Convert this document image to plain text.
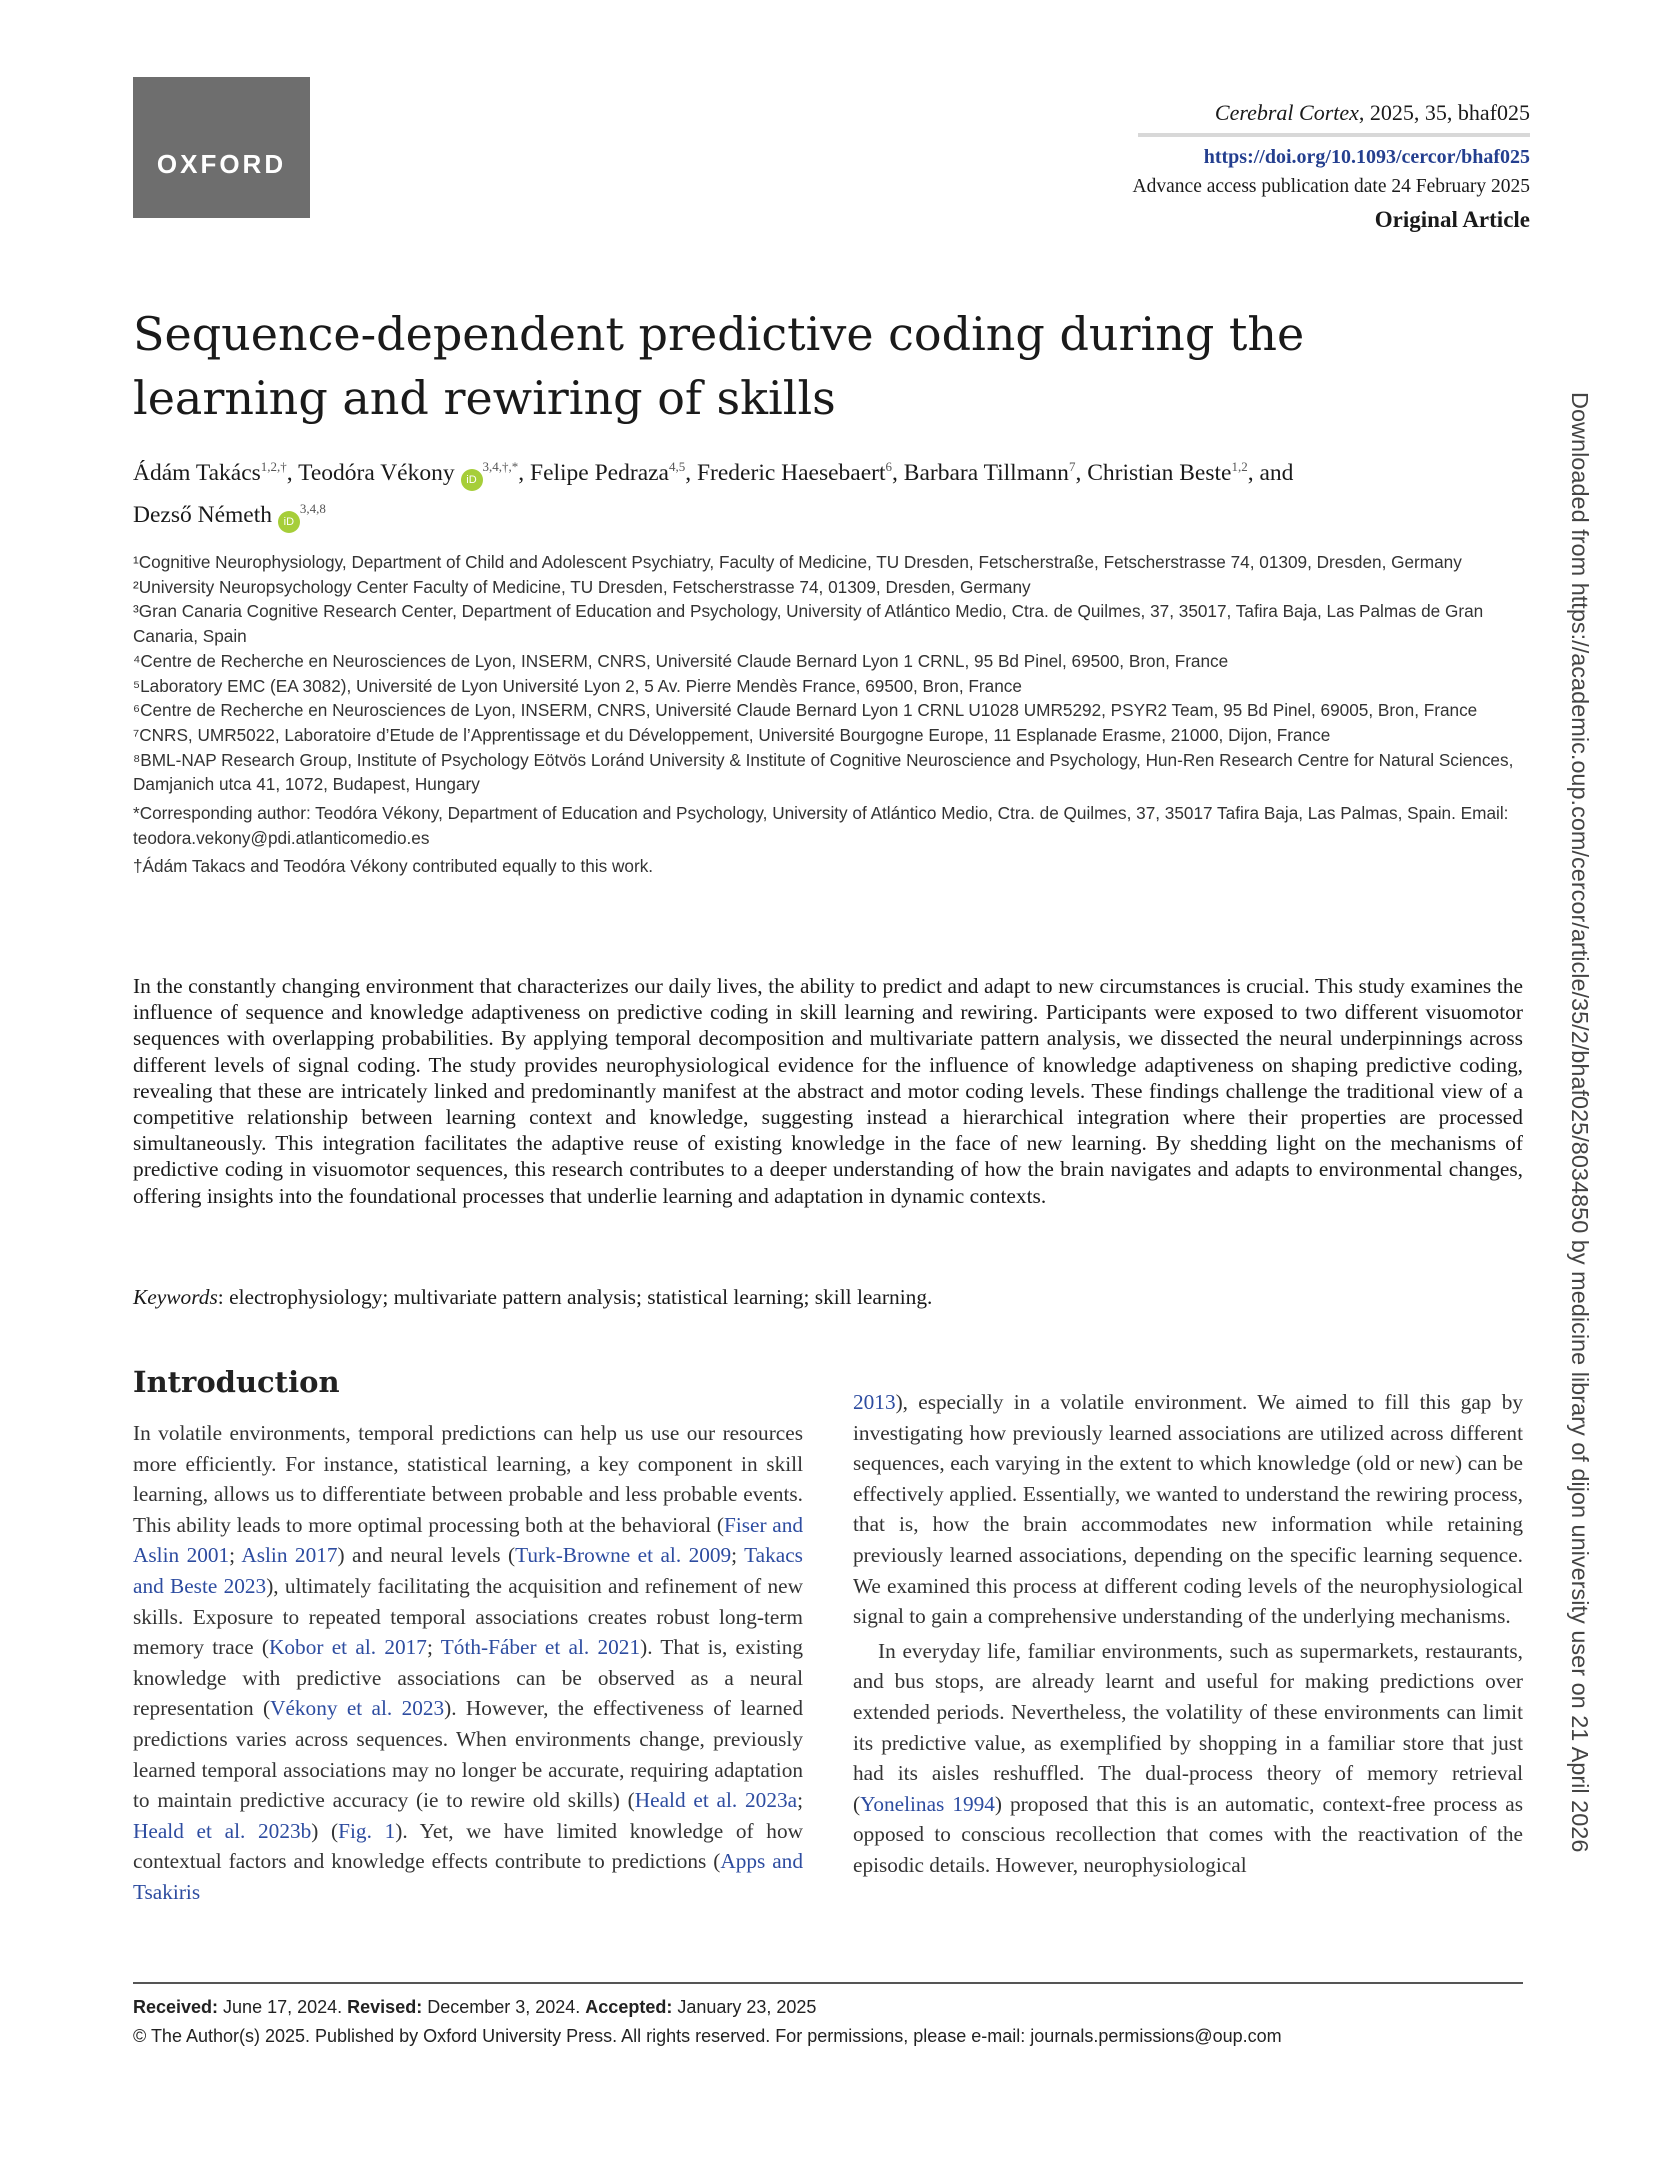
OXFORD
Cerebral Cortex, 2025, 35, bhaf025
https://doi.org/10.1093/cercor/bhaf025
Advance access publication date 24 February 2025
Original Article
Sequence-dependent predictive coding during the learning and rewiring of skills
Ádám Takács$^{1,2,\dagger}$, Teodóra Vékony $iD^{3,4,\dagger,*}$, Felipe Pedraza$^{4,5}$, Frederic Haesebaert$^6$, Barbara Tillmann$^7$, Christian Beste$^{1,2}$, and
Dezső Németh iD$^{3,4,8}$

¹Cognitive Neurophysiology, Department of Child and Adolescent Psychiatry, Faculty of Medicine, TU Dresden, Fetscherstraße, Fetscherstrasse 74, 01309, Dresden, Germany

²University Neuropsychology Center Faculty of Medicine, TU Dresden, Fetscherstrasse 74, 01309, Dresden, Germany

³Gran Canaria Cognitive Research Center, Department of Education and Psychology, University of Atlántico Medio, Ctra. de Quilmes, 37, 35017, Tafira Baja, Las Palmas de Gran Canaria, Spain

⁴Centre de Recherche en Neurosciences de Lyon, INSERM, CNRS, Université Claude Bernard Lyon 1 CRNL, 95 Bd Pinel, 69500, Bron, France

⁵Laboratory EMC (EA 3082), Université de Lyon Université Lyon 2, 5 Av. Pierre Mendès France, 69500, Bron, France

⁶Centre de Recherche en Neurosciences de Lyon, INSERM, CNRS, Université Claude Bernard Lyon 1 CRNL U1028 UMR5292, PSYR2 Team, 95 Bd Pinel, 69005, Bron, France

⁷CNRS, UMR5022, Laboratoire d’Etude de l’Apprentissage et du Développement, Université Bourgogne Europe, 11 Esplanade Erasme, 21000, Dijon, France

⁸BML-NAP Research Group, Institute of Psychology Eötvös Loránd University & Institute of Cognitive Neuroscience and Psychology, Hun-Ren Research Centre for Natural Sciences, Damjanich utca 41, 1072, Budapest, Hungary

*Corresponding author: Teodóra Vékony, Department of Education and Psychology, University of Atlántico Medio, Ctra. de Quilmes, 37, 35017 Tafira Baja, Las Palmas, Spain. Email: teodora.vekony@pdi.atlanticomedio.es

†Ádám Takacs and Teodóra Vékony contributed equally to this work.

In the constantly changing environment that characterizes our daily lives, the ability to predict and adapt to new circumstances is crucial. This study examines the influence of sequence and knowledge adaptiveness on predictive coding in skill learning and rewiring. Participants were exposed to two different visuomotor sequences with overlapping probabilities. By applying temporal decomposition and multivariate pattern analysis, we dissected the neural underpinnings across different levels of signal coding. The study provides neurophysiological evidence for the influence of knowledge adaptiveness on shaping predictive coding, revealing that these are intricately linked and predominantly manifest at the abstract and motor coding levels. These findings challenge the traditional view of a competitive relationship between learning context and knowledge, suggesting instead a hierarchical integration where their properties are processed simultaneously. This integration facilitates the adaptive reuse of existing knowledge in the face of new learning. By shedding light on the mechanisms of predictive coding in visuomotor sequences, this research contributes to a deeper understanding of how the brain navigates and adapts to environmental changes, offering insights into the foundational processes that underlie learning and adaptation in dynamic contexts.

Keywords: electrophysiology; multivariate pattern analysis; statistical learning; skill learning.

Introduction

In volatile environments, temporal predictions can help us use our resources more efficiently. For instance, statistical learning, a key component in skill learning, allows us to differentiate between probable and less probable events. This ability leads to more optimal processing both at the behavioral (Fiser and Aslin 2001; Aslin 2017) and neural levels (Turk-Browne et al. 2009; Takacs and Beste 2023), ultimately facilitating the acquisition and refinement of new skills. Exposure to repeated temporal associations creates robust long-term memory trace (Kobor et al. 2017; Tóth-Fáber et al. 2021). That is, existing knowledge with predictive associations can be observed as a neural representation (Vékony et al. 2023). However, the effectiveness of learned predictions varies across sequences. When environments change, previously learned temporal associations may no longer be accurate, requiring adaptation to maintain predictive accuracy (ie to rewire old skills) (Heald et al. 2023a; Heald et al. 2023b) (Fig. 1). Yet, we have limited knowledge of how contextual factors and knowledge effects contribute to predictions (Apps and Tsakiris

2013), especially in a volatile environment. We aimed to fill this gap by investigating how previously learned associations are utilized across different sequences, each varying in the extent to which knowledge (old or new) can be effectively applied. Essentially, we wanted to understand the rewiring process, that is, how the brain accommodates new information while retaining previously learned associations, depending on the specific learning sequence. We examined this process at different coding levels of the neurophysiological signal to gain a comprehensive understanding of the underlying mechanisms.

In everyday life, familiar environments, such as supermarkets, restaurants, and bus stops, are already learnt and useful for making predictions over extended periods. Nevertheless, the volatility of these environments can limit its predictive value, as exemplified by shopping in a familiar store that just had its aisles reshuffled. The dual-process theory of memory retrieval (Yonelinas 1994) proposed that this is an automatic, context-free process as opposed to conscious recollection that comes with the reactivation of the episodic details. However, neurophysiological

Received: June 17, 2024. Revised: December 3, 2024. Accepted: January 23, 2025
© The Author(s) 2025. Published by Oxford University Press. All rights reserved. For permissions, please e-mail: journals.permissions@oup.com
Downloaded from https://academic.oup.com/cercor/article/35/2/bhaf025/8034850 by medicine library of dijon university user on 21 April 2026
